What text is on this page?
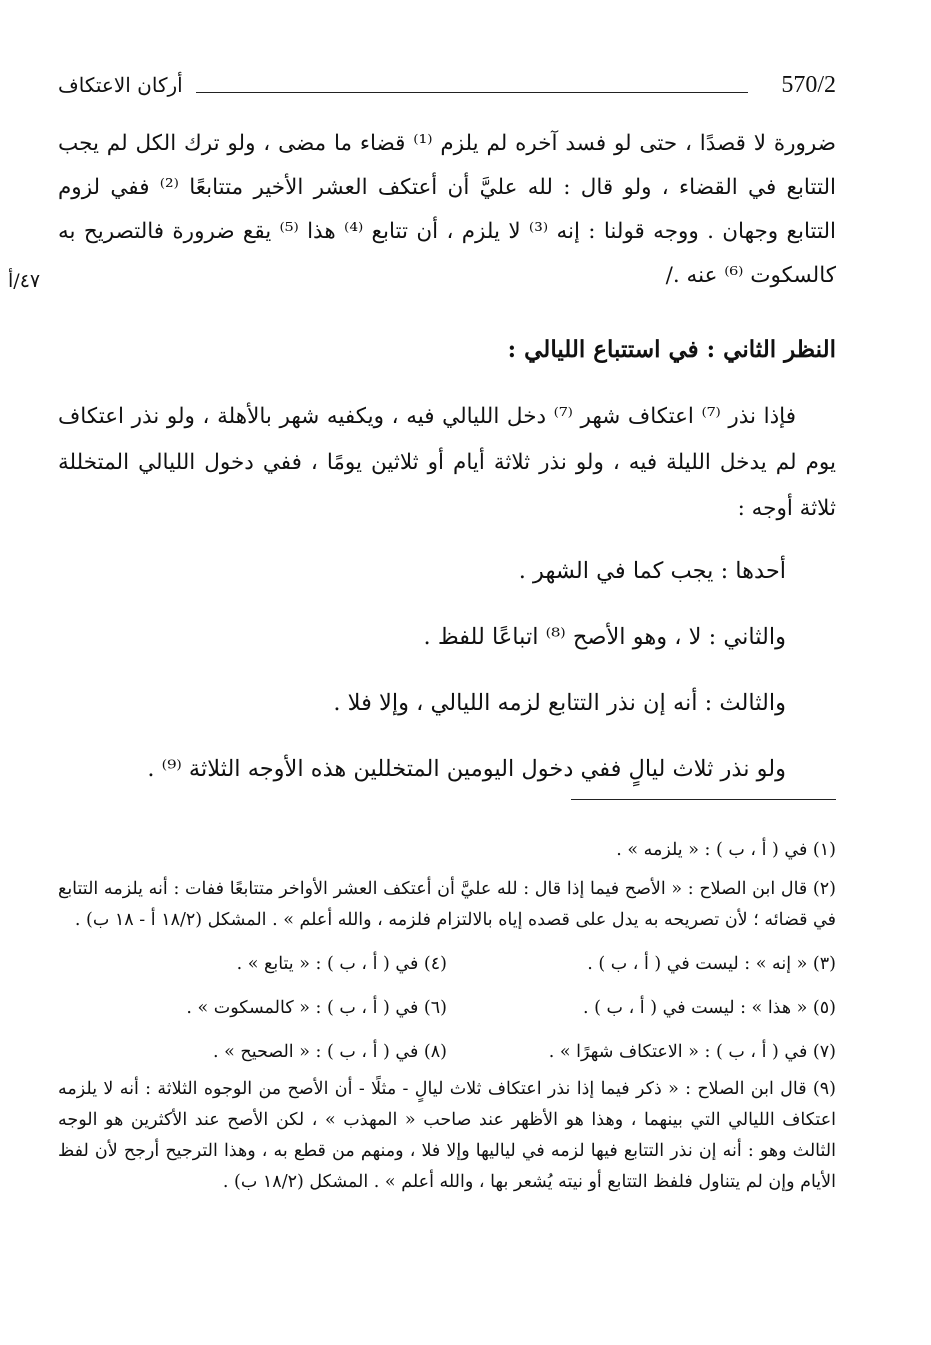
570/2
أركان الاعتكاف
٤٧/أ

ضرورة لا قصدًا ، حتى لو فسد آخره لم يلزم ⁽¹⁾ قضاء ما مضى ، ولو ترك الكل لم يجب التتابع في القضاء ، ولو قال : لله عليَّ أن أعتكف العشر الأخير متتابعًا ⁽²⁾ ففي لزوم التتابع وجهان . ووجه قولنا : إنه ⁽³⁾ لا يلزم ، أن تتابع ⁽⁴⁾ هذا ⁽⁵⁾ يقع ضرورة فالتصريح به كالسكوت ⁽⁶⁾ عنه ./

النظر الثاني : في استتباع الليالي :

فإذا نذر ⁽⁷⁾ اعتكاف شهر ⁽⁷⁾ دخل الليالي فيه ، ويكفيه شهر بالأهلة ، ولو نذر اعتكاف يوم لم يدخل الليلة فيه ، ولو نذر ثلاثة أيام أو ثلاثين يومًا ، ففي دخول الليالي المتخللة ثلاثة أوجه :

أحدها : يجب كما في الشهر .
والثاني : لا ، وهو الأصح ⁽⁸⁾ اتباعًا للفظ .
والثالث : أنه إن نذر التتابع لزمه الليالي ، وإلا فلا .
ولو نذر ثلاث ليالٍ ففي دخول اليومين المتخللين هذه الأوجه الثلاثة ⁽⁹⁾ .
(١) في ( أ ، ب ) : « يلزمه » .
(٢) قال ابن الصلاح : « الأصح فيما إذا قال : لله عليَّ أن أعتكف العشر الأواخر متتابعًا ففات : أنه يلزمه التتابع في قضائه ؛ لأن تصريحه به يدل على قصده إياه بالالتزام فلزمه ، والله أعلم » . المشكل (١٨/٢ أ - ١٨ ب) .
(٣) « إنه » : ليست في ( أ ، ب ) .
(٤) في ( أ ، ب ) : « يتابع » .
(٥) « هذا » : ليست في ( أ ، ب ) .
(٦) في ( أ ، ب ) : « كالمسكوت » .
(٧) في ( أ ، ب ) : « الاعتكاف شهرًا » .
(٨) في ( أ ، ب ) : « الصحيح » .
(٩) قال ابن الصلاح : « ذكر فيما إذا نذر اعتكاف ثلاث ليالٍ - مثلًا - أن الأصح من الوجوه الثلاثة : أنه لا يلزمه اعتكاف الليالي التي بينهما ، وهذا هو الأظهر عند صاحب « المهذب » ، لكن الأصح عند الأكثرين هو الوجه الثالث وهو : أنه إن نذر التتابع فيها لزمه في لياليها وإلا فلا ، ومنهم من قطع به ، وهذا الترجيح أرجح لأن لفظ الأيام وإن لم يتناول فلفظ التتابع أو نيته يُشعر بها ، والله أعلم » . المشكل (١٨/٢ ب) .
